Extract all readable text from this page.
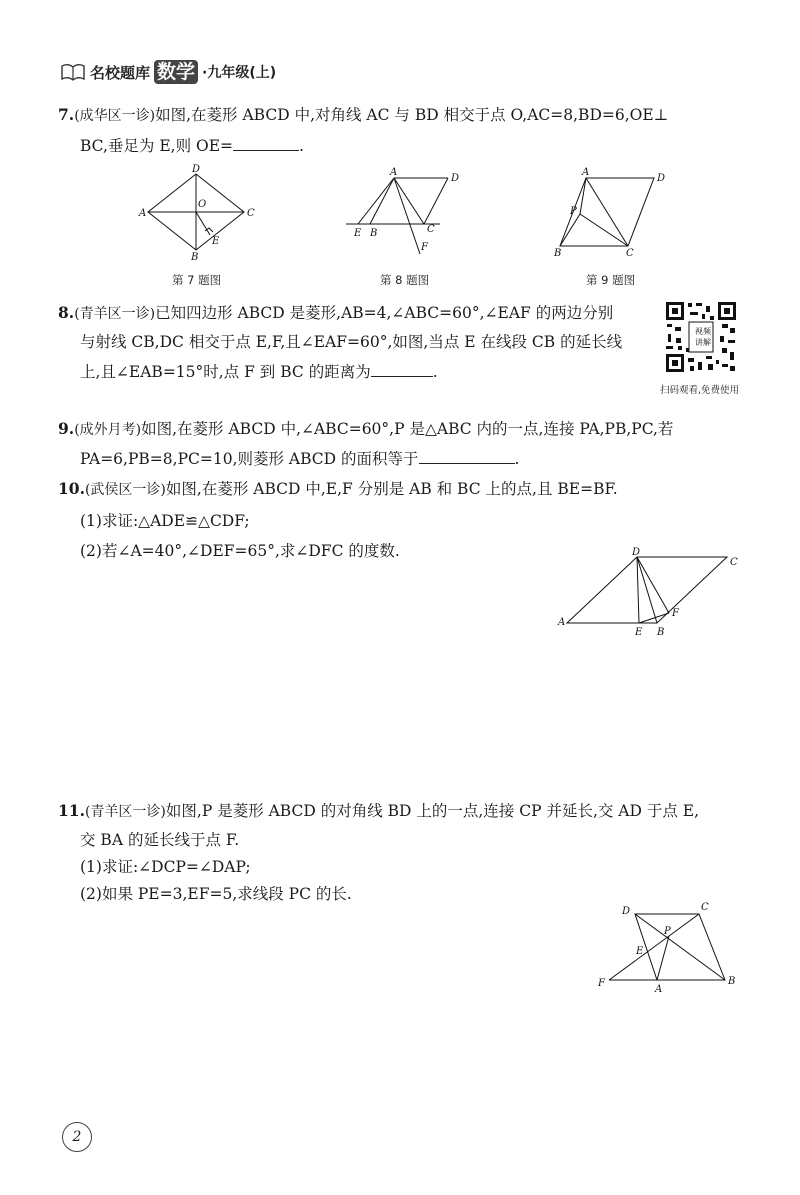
名校题库 数学 ·九年级(上)
7.(成华区一诊)如图,在菱形 ABCD 中,对角线 AC 与 BD 相交于点 O,AC=8,BD=6,OE⊥
BC,垂足为 E,则 OE=	.
A
D
C
B
O
E
第 7 题图
A
D
E B	C
F
第 8 题图
A
D
P
B	C
第 9 题图
8.(青羊区一诊)已知四边形 ABCD 是菱形,AB=4,∠ABC=60°,∠EAF 的两边分别
与射线 CB,DC 相交于点 E,F,且∠EAF=60°,如图,当点 E 在线段 CB 的延长线
上,且∠EAB=15°时,点 F 到 BC 的距离为	.
视频
讲解
扫码观看,免费使用
9.(成外月考)如图,在菱形 ABCD 中,∠ABC=60°,P 是△ABC 内的一点,连接 PA,PB,PC,若
PA=6,PB=8,PC=10,则菱形 ABCD 的面积等于	.
10.(武侯区一诊)如图,在菱形 ABCD 中,E,F 分别是 AB 和 BC 上的点,且 BE=BF.
(1)求证:△ADE≌△CDF;
(2)若∠A=40°,∠DEF=65°,求∠DFC 的度数.	D
C
A
E B
F
11.(青羊区一诊)如图,P 是菱形 ABCD 的对角线 BD 上的一点,连接 CP 并延长,交 AD 于点 E,
交 BA 的延长线于点 F.
(1)求证:∠DCP=∠DAP;
(2)如果 PE=3,EF=5,求线段 PC 的长.
D	C
P
E
F
A
B
2
